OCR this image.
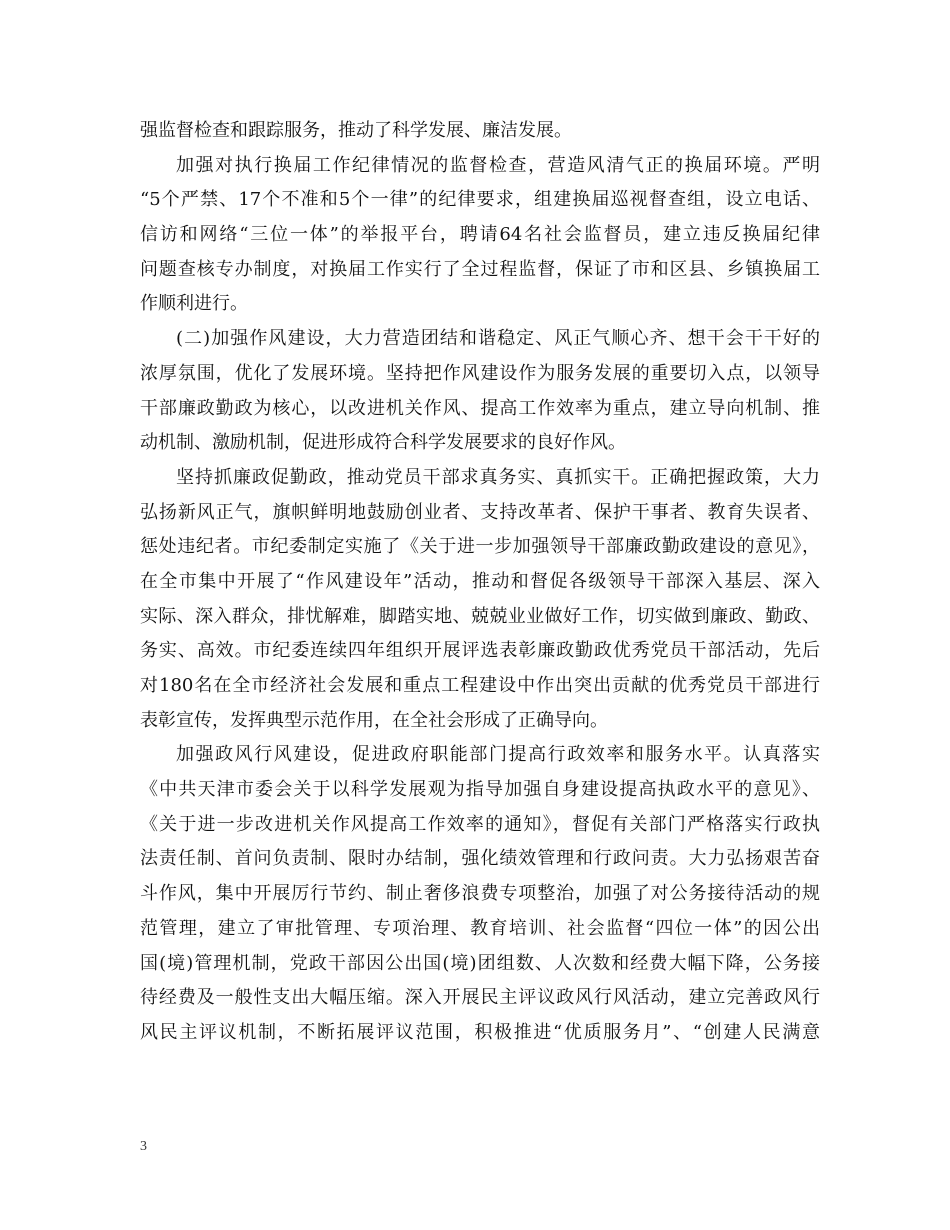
强监督检查和跟踪服务，推动了科学发展、廉洁发展。
加强对执行换届工作纪律情况的监督检查，营造风清气正的换届环境。严明
“5个严禁、17个不准和5个一律”的纪律要求，组建换届巡视督查组，设立电话、
信访和网络“三位一体”的举报平台，聘请64名社会监督员，建立违反换届纪律
问题查核专办制度，对换届工作实行了全过程监督，保证了市和区县、乡镇换届工
作顺利进行。
(二)加强作风建设，大力营造团结和谐稳定、风正气顺心齐、想干会干干好的
浓厚氛围，优化了发展环境。坚持把作风建设作为服务发展的重要切入点，以领导
干部廉政勤政为核心，以改进机关作风、提高工作效率为重点，建立导向机制、推
动机制、激励机制，促进形成符合科学发展要求的良好作风。
坚持抓廉政促勤政，推动党员干部求真务实、真抓实干。正确把握政策，大力
弘扬新风正气，旗帜鲜明地鼓励创业者、支持改革者、保护干事者、教育失误者、
惩处违纪者。市纪委制定实施了《关于进一步加强领导干部廉政勤政建设的意见》，
在全市集中开展了“作风建设年”活动，推动和督促各级领导干部深入基层、深入
实际、深入群众，排忧解难，脚踏实地、兢兢业业做好工作，切实做到廉政、勤政、
务实、高效。市纪委连续四年组织开展评选表彰廉政勤政优秀党员干部活动，先后
对180名在全市经济社会发展和重点工程建设中作出突出贡献的优秀党员干部进行
表彰宣传，发挥典型示范作用，在全社会形成了正确导向。
加强政风行风建设，促进政府职能部门提高行政效率和服务水平。认真落实
《中共天津市委会关于以科学发展观为指导加强自身建设提高执政水平的意见》、
《关于进一步改进机关作风提高工作效率的通知》，督促有关部门严格落实行政执
法责任制、首问负责制、限时办结制，强化绩效管理和行政问责。大力弘扬艰苦奋
斗作风，集中开展厉行节约、制止奢侈浪费专项整治，加强了对公务接待活动的规
范管理，建立了审批管理、专项治理、教育培训、社会监督“四位一体”的因公出
国(境)管理机制，党政干部因公出国(境)团组数、人次数和经费大幅下降，公务接
待经费及一般性支出大幅压缩。深入开展民主评议政风行风活动，建立完善政风行
风民主评议机制，不断拓展评议范围，积极推进“优质服务月”、“创建人民满意
3
